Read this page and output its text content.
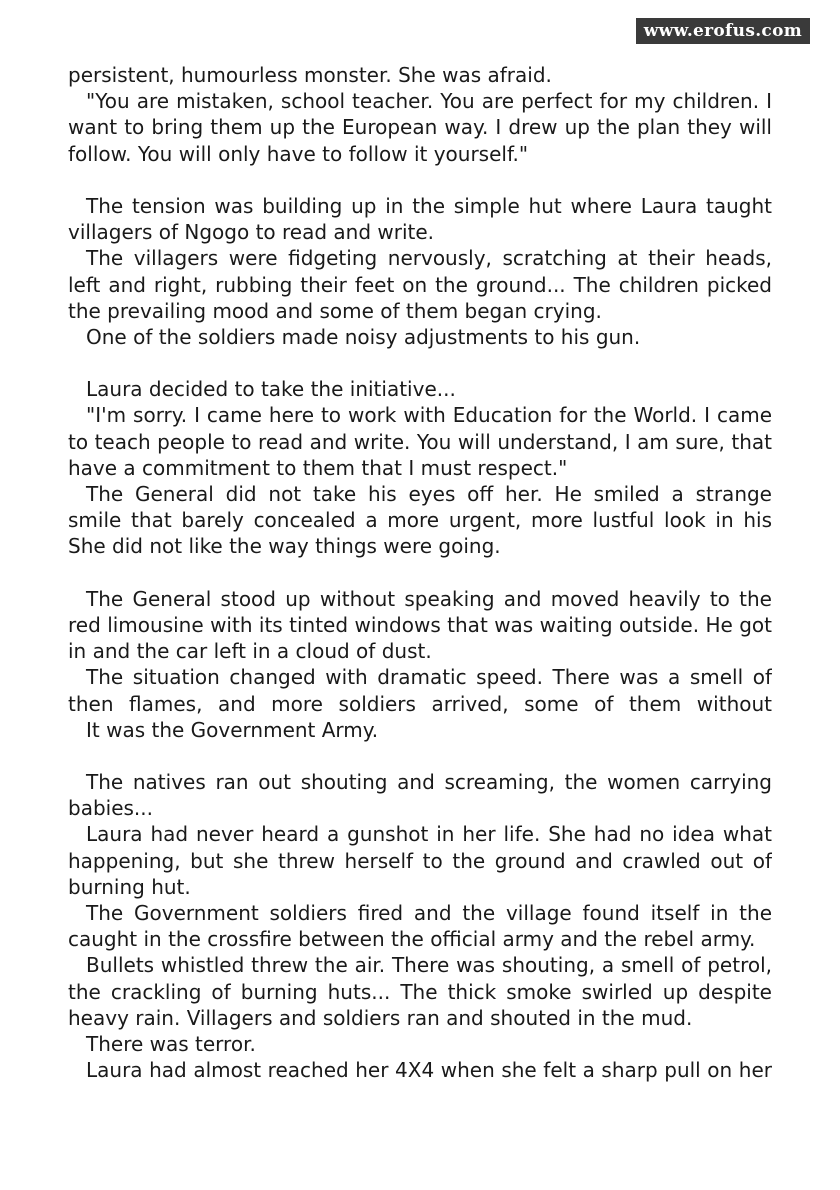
www.erofus.com
persistent, humourless monster. She was afraid.
"You are mistaken, school teacher. You are perfect for my children. I
want to bring them up the European way. I drew up the plan they will
follow. You will only have to follow it yourself."
The tension was building up in the simple hut where Laura taught
villagers of Ngogo to read and write.
The villagers were fidgeting nervously, scratching at their heads,
left and right, rubbing their feet on the ground... The children picked
the prevailing mood and some of them began crying.
One of the soldiers made noisy adjustments to his gun.
Laura decided to take the initiative...
"I'm sorry. I came here to work with Education for the World. I came
to teach people to read and write. You will understand, I am sure, that
have a commitment to them that I must respect."
The General did not take his eyes off her. He smiled a strange
smile that barely concealed a more urgent, more lustful look in his
She did not like the way things were going.
The General stood up without speaking and moved heavily to the
red limousine with its tinted windows that was waiting outside. He got
in and the car left in a cloud of dust.
The situation changed with dramatic speed. There was a smell of
then flames, and more soldiers arrived, some of them without
It was the Government Army.
The natives ran out shouting and screaming, the women carrying
babies...
Laura had never heard a gunshot in her life. She had no idea what
happening, but she threw herself to the ground and crawled out of
burning hut.
The Government soldiers fired and the village found itself in the
caught in the crossfire between the official army and the rebel army.
Bullets whistled threw the air. There was shouting, a smell of petrol,
the crackling of burning huts... The thick smoke swirled up despite
heavy rain. Villagers and soldiers ran and shouted in the mud.
There was terror.
Laura had almost reached her 4X4 when she felt a sharp pull on her
